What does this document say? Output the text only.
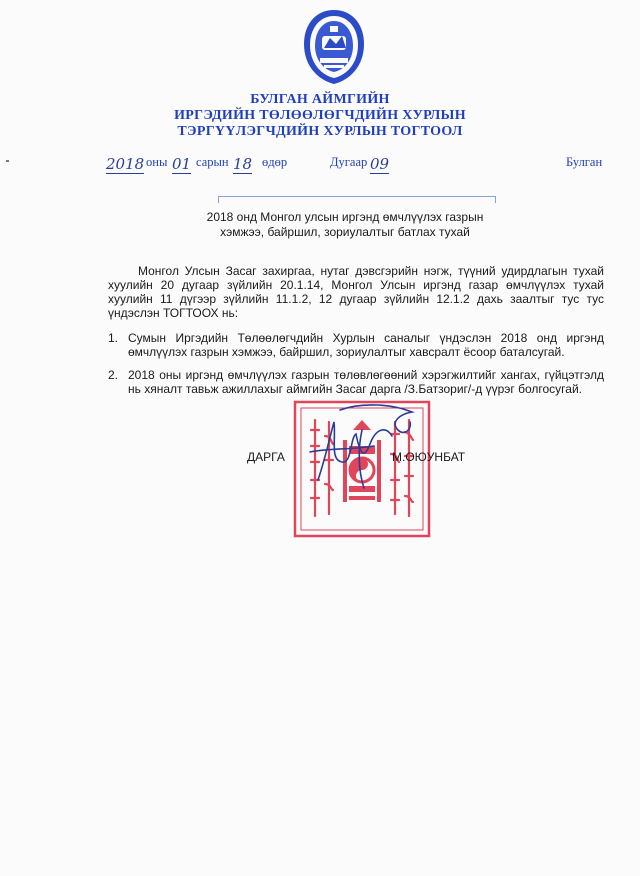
БУЛГАН АЙМГИЙН
ИРГЭДИЙН ТӨЛӨӨЛӨГЧДИЙН ХУРЛЫН
ТЭРГҮҮЛЭГЧДИЙН ХУРЛЫН ТОГТООЛ
2018 оны 01 сарын 18 өдөр	Дугаар 09	Булган
2018 онд Монгол улсын иргэнд өмчлүүлэх газрын
хэмжээ, байршил, зориулалтыг батлах тухай
Монгол Улсын Засаг захиргаа, нутаг дэвсгэрийн нэгж, түүний удирдлагын тухай хуулийн 20 дугаар зүйлийн 20.1.14, Монгол Улсын иргэнд газар өмчлүүлэх тухай хуулийн 11 дүгээр зүйлийн 11.1.2, 12 дугаар зүйлийн 12.1.2 дахь заалтыг тус тус үндэслэн ТОГТООХ нь:
1. Сумын Иргэдийн Төлөөлөгчдийн Хурлын саналыг үндэслэн 2018 онд иргэнд өмчлүүлэх газрын хэмжээ, байршил, зориулалтыг хавсралт ёсоор баталсугай.
2. 2018 оны иргэнд өмчлүүлэх газрын төлөвлөгөөний хэрэгжилтийг хангах, гүйцэтгэлд нь хяналт тавьж ажиллахыг аймгийн Засаг дарга /З.Батзориг/-д үүрэг болгосугай.
ДАРГА	М.ОЮУНБАТ
